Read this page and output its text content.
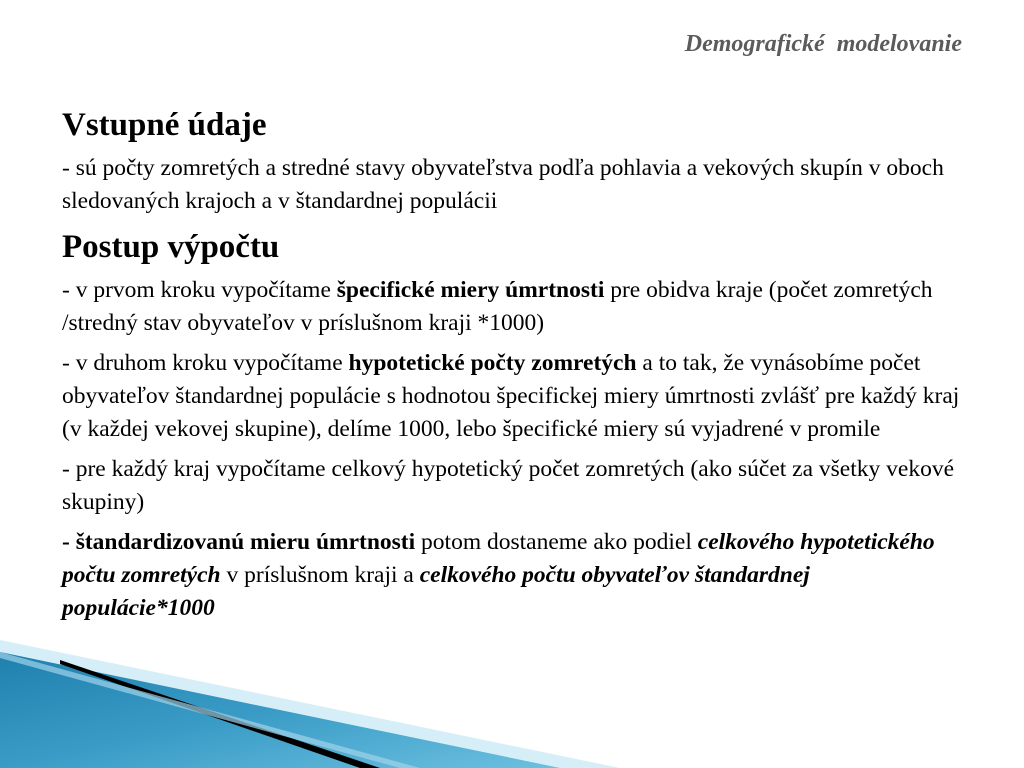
Demografické  modelovanie
Vstupné údaje

- sú počty zomretých a stredné stavy obyvateľstva podľa pohlavia a vekových skupín v oboch sledovaných krajoch a v štandardnej populácii

Postup výpočtu

- v prvom kroku vypočítame špecifické miery úmrtnosti pre obidva kraje (počet zomretých /stredný stav obyvateľov v príslušnom kraji *1000)

- v druhom kroku vypočítame hypotetické počty zomretých a to tak, že vynásobíme počet obyvateľov štandardnej populácie s hodnotou špecifickej miery úmrtnosti zvlášť pre každý kraj (v každej vekovej skupine), delíme 1000, lebo špecifické miery sú vyjadrené v promile

- pre každý kraj vypočítame celkový hypotetický počet zomretých (ako súčet za všetky vekové skupiny)

- štandardizovanú mieru úmrtnosti potom dostaneme ako podiel celkového hypotetického počtu zomretých v príslušnom kraji a celkového počtu obyvateľov štandardnej populácie*1000
